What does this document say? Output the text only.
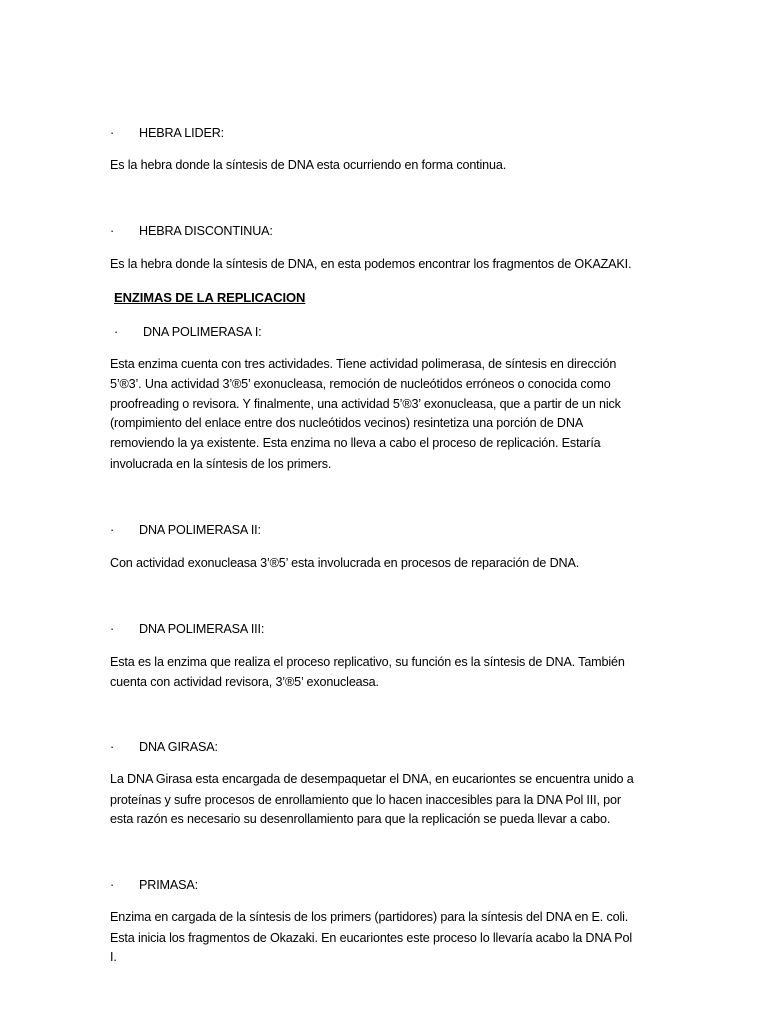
· HEBRA LIDER:
Es la hebra donde la síntesis de DNA esta ocurriendo en forma continua.
· HEBRA DISCONTINUA:
Es la hebra donde la síntesis de DNA, en esta podemos encontrar los fragmentos de OKAZAKI.
ENZIMAS DE LA REPLICACION
· DNA POLIMERASA I:
Esta enzima cuenta con tres actividades. Tiene actividad polimerasa, de síntesis en dirección
5’®3’. Una actividad 3’®5’ exonucleasa, remoción de nucleótidos erróneos o conocida como
proofreading o revisora. Y finalmente, una actividad 5’®3’ exonucleasa, que a partir de un nick
(rompimiento del enlace entre dos nucleótidos vecinos) resintetiza una porción de DNA
removiendo la ya existente. Esta enzima no lleva a cabo el proceso de replicación. Estaría
involucrada en la síntesis de los primers.
· DNA POLIMERASA II:
Con actividad exonucleasa 3’®5’ esta involucrada en procesos de reparación de DNA.
· DNA POLIMERASA III:
Esta es la enzima que realiza el proceso replicativo, su función es la síntesis de DNA. También
cuenta con actividad revisora, 3’®5’ exonucleasa.
· DNA GIRASA:
La DNA Girasa esta encargada de desempaquetar el DNA, en eucariontes se encuentra unido a
proteínas y sufre procesos de enrollamiento que lo hacen inaccesibles para la DNA Pol III, por
esta razón es necesario su desenrollamiento para que la replicación se pueda llevar a cabo.
· PRIMASA:
Enzima en cargada de la síntesis de los primers (partidores) para la síntesis del DNA en E. coli.
Esta inicia los fragmentos de Okazaki. En eucariontes este proceso lo llevaría acabo la DNA Pol
I.
